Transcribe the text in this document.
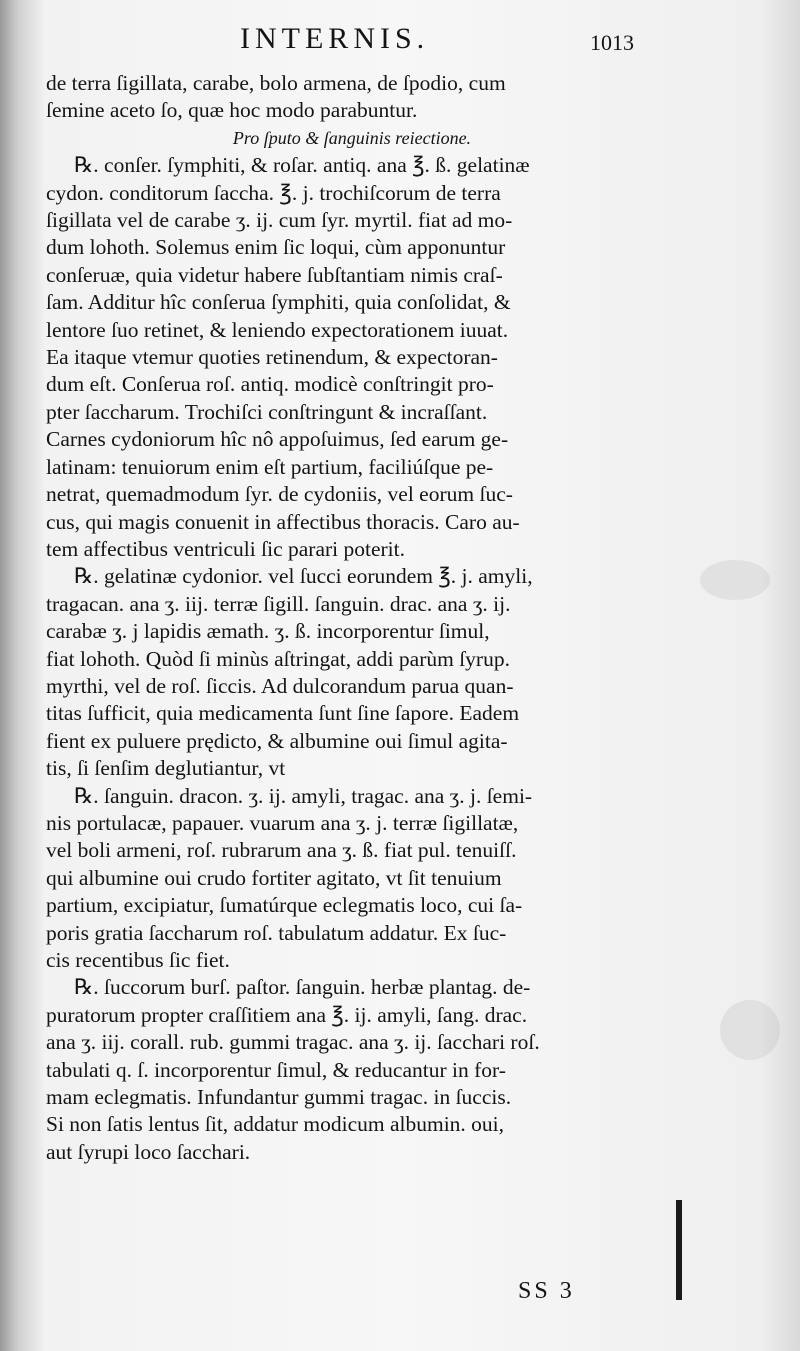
INTERNIS.	1013
de terra ſigillata, carabe, bolo armena, de ſpodio, cum
ſemine aceto ſo, quæ hoc modo parabuntur.
Pro ſputo & ſanguinis reiectione.
℞. conſer. ſymphiti, & roſar. antiq. ana ℥. ß. gelatinæ
cydon. conditorum ſaccha. ℥. j. trochiſcorum de terra
ſigillata vel de carabe ʒ. ij. cum ſyr. myrtil. fiat ad mo-
dum lohoth. Solemus enim ſic loqui, cùm apponuntur
conſeruæ, quia videtur habere ſubſtantiam nimis craſ-
ſam. Additur hîc conſerua ſymphiti, quia conſolidat, &
lentore ſuo retinet, & leniendo expectorationem iuuat.
Ea itaque vtemur quoties retinendum, & expectoran-
dum eſt. Conſerua roſ. antiq. modicè conſtringit pro-
pter ſaccharum. Trochiſci conſtringunt & incraſſant.
Carnes cydoniorum hîc nô appoſuimus, ſed earum ge-
latinam: tenuiorum enim eſt partium, faciliúſque pe-
netrat, quemadmodum ſyr. de cydoniis, vel eorum ſuc-
cus, qui magis conuenit in affectibus thoracis. Caro au-
tem affectibus ventriculi ſic parari poterit.
℞. gelatinæ cydonior. vel ſucci eorundem ℥. j. amyli,
tragacan. ana ʒ. iij. terræ ſigill. ſanguin. drac. ana ʒ. ij.
carabæ ʒ. j lapidis æmath. ʒ. ß. incorporentur ſimul,
fiat lohoth. Quòd ſi minùs aſtringat, addi parùm ſyrup.
myrthi, vel de roſ. ſiccis. Ad dulcorandum parua quan-
titas ſufficit, quia medicamenta ſunt ſine ſapore. Eadem
fient ex puluere prędicto, & albumine oui ſimul agita-
tis, ſi ſenſim deglutiantur, vt
℞. ſanguin. dracon. ʒ. ij. amyli, tragac. ana ʒ. j. ſemi-
nis portulacæ, papauer. vuarum ana ʒ. j. terræ ſigillatæ,
vel boli armeni, roſ. rubrarum ana ʒ. ß. fiat pul. tenuiſſ.
qui albumine oui crudo fortiter agitato, vt ſit tenuium
partium, excipiatur, ſumatúrque eclegmatis loco, cui ſa-
poris gratia ſaccharum roſ. tabulatum addatur. Ex ſuc-
cis recentibus ſic fiet.
℞. ſuccorum burſ. paſtor. ſanguin. herbæ plantag. de-
puratorum propter craſſitiem ana ℥. ij. amyli, ſang. drac.
ana ʒ. iij. corall. rub. gummi tragac. ana ʒ. ij. ſacchari roſ.
tabulati q. ſ. incorporentur ſimul, & reducantur in for-
mam eclegmatis. Infundantur gummi tragac. in ſuccis.
Si non ſatis lentus ſit, addatur modicum albumin. oui,
aut ſyrupi loco ſacchari.
SS 3
